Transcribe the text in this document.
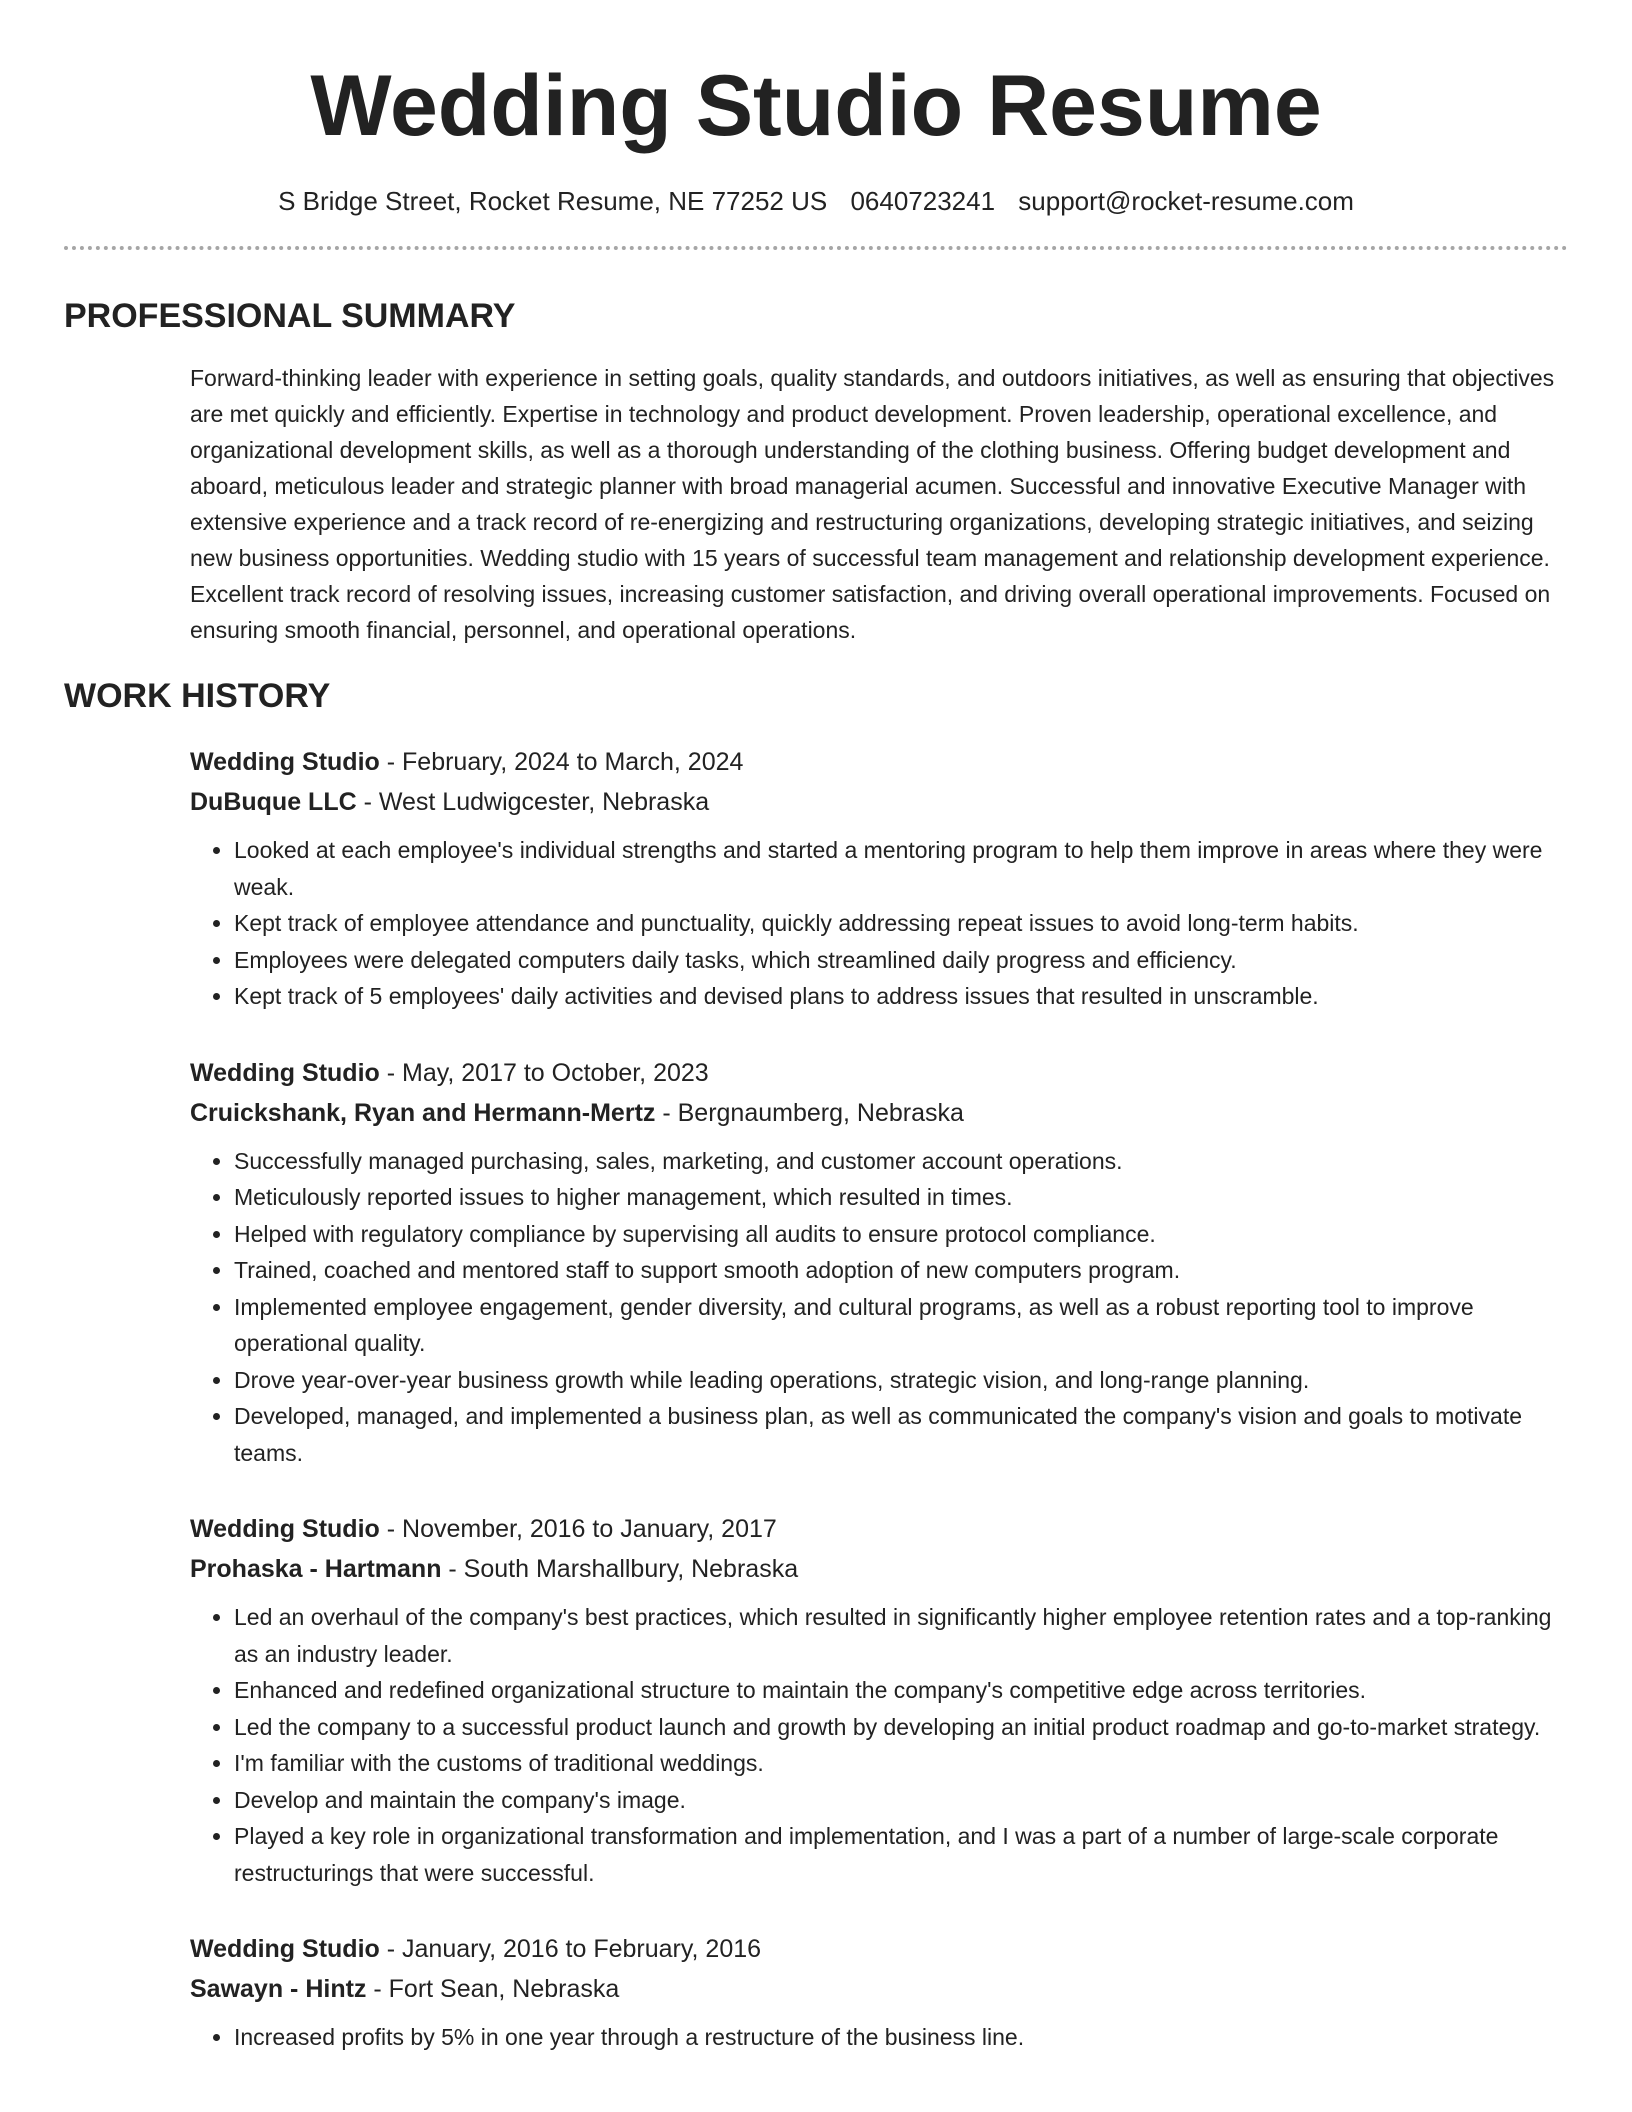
Wedding Studio Resume
S Bridge Street, Rocket Resume, NE 77252 US 0640723241 support@rocket-resume.com
PROFESSIONAL SUMMARY

Forward-thinking leader with experience in setting goals, quality standards, and outdoors initiatives, as well as ensuring that objectives are met quickly and efficiently. Expertise in technology and product development. Proven leadership, operational excellence, and organizational development skills, as well as a thorough understanding of the clothing business. Offering budget development and aboard, meticulous leader and strategic planner with broad managerial acumen. Successful and innovative Executive Manager with extensive experience and a track record of re-energizing and restructuring organizations, developing strategic initiatives, and seizing new business opportunities. Wedding studio with 15 years of successful team management and relationship development experience. Excellent track record of resolving issues, increasing customer satisfaction, and driving overall operational improvements. Focused on ensuring smooth financial, personnel, and operational operations.

WORK HISTORY
Wedding Studio - February, 2024 to March, 2024
DuBuque LLC - West Ludwigcester, Nebraska
• Looked at each employee's individual strengths and started a mentoring program to help them improve in areas where they were weak.
• Kept track of employee attendance and punctuality, quickly addressing repeat issues to avoid long-term habits.
• Employees were delegated computers daily tasks, which streamlined daily progress and efficiency.
• Kept track of 5 employees' daily activities and devised plans to address issues that resulted in unscramble.
Wedding Studio - May, 2017 to October, 2023
Cruickshank, Ryan and Hermann-Mertz - Bergnaumberg, Nebraska
• Successfully managed purchasing, sales, marketing, and customer account operations.
• Meticulously reported issues to higher management, which resulted in times.
• Helped with regulatory compliance by supervising all audits to ensure protocol compliance.
• Trained, coached and mentored staff to support smooth adoption of new computers program.
• Implemented employee engagement, gender diversity, and cultural programs, as well as a robust reporting tool to improve operational quality.
• Drove year-over-year business growth while leading operations, strategic vision, and long-range planning.
• Developed, managed, and implemented a business plan, as well as communicated the company's vision and goals to motivate teams.
Wedding Studio - November, 2016 to January, 2017
Prohaska - Hartmann - South Marshallbury, Nebraska
• Led an overhaul of the company's best practices, which resulted in significantly higher employee retention rates and a top-ranking as an industry leader.
• Enhanced and redefined organizational structure to maintain the company's competitive edge across territories.
• Led the company to a successful product launch and growth by developing an initial product roadmap and go-to-market strategy.
• I'm familiar with the customs of traditional weddings.
• Develop and maintain the company's image.
• Played a key role in organizational transformation and implementation, and I was a part of a number of large-scale corporate restructurings that were successful.
Wedding Studio - January, 2016 to February, 2016
Sawayn - Hintz - Fort Sean, Nebraska
• Increased profits by 5% in one year through a restructure of the business line.
